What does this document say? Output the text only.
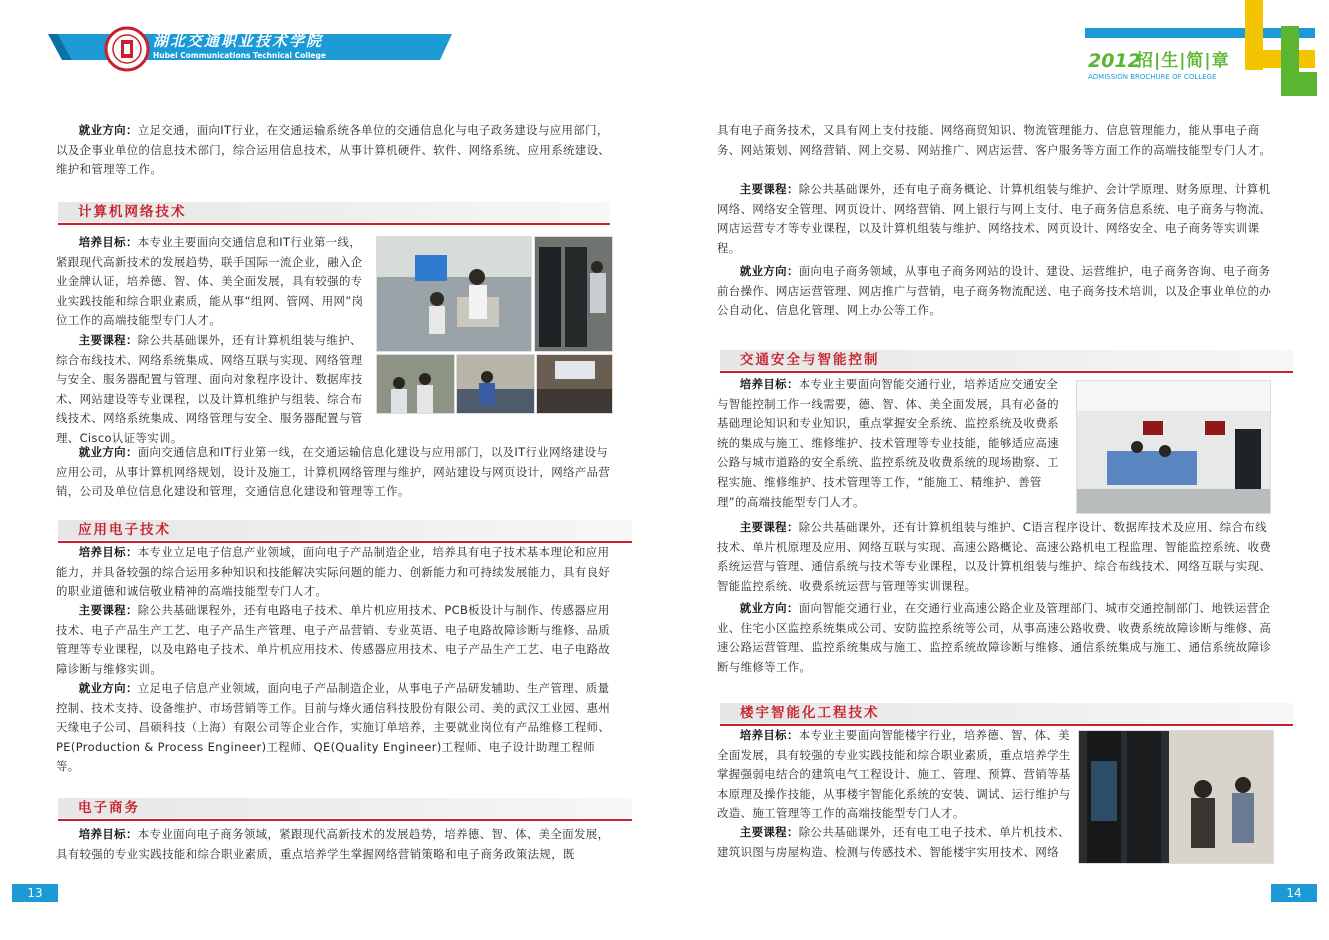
湖北交通职业技术学院
Hubei Communications Technical College	2012
招|生|简|章
ADMISSION BROCHURE OF COLLEGE

就业方向：立足交通，面向IT行业，在交通运输系统各单位的交通信息化与电子政务建设与应用部门，以及企事业单位的信息技术部门，综合运用信息技术，从事计算机硬件、软件、网络系统、应用系统建设、维护和管理等工作。

计算机网络技术

培养目标：本专业主要面向交通信息和IT行业第一线，紧跟现代高新技术的发展趋势，联手国际一流企业，融入企业金牌认证，培养德、智、体、美全面发展，具有较强的专业实践技能和综合职业素质，能从事“组网、管网、用网”岗位工作的高端技能型专门人才。

主要课程：除公共基础课外，还有计算机组装与维护、综合布线技术、网络系统集成、网络互联与实现、网络管理与安全、服务器配置与管理、面向对象程序设计、数据库技术、网站建设等专业课程，以及计算机维护与组装、综合布线技术、网络系统集成、网络管理与安全、服务器配置与管理、Cisco认证等实训。

就业方向：面向交通信息和IT行业第一线，在交通运输信息化建设与应用部门，以及IT行业网络建设与应用公司，从事计算机网络规划，设计及施工，计算机网络管理与维护，网站建设与网页设计，网络产品营销，公司及单位信息化建设和管理，交通信息化建设和管理等工作。

应用电子技术

培养目标：本专业立足电子信息产业领域，面向电子产品制造企业，培养具有电子技术基本理论和应用能力，并具备较强的综合运用多种知识和技能解决实际问题的能力、创新能力和可持续发展能力，具有良好的职业道德和诚信敬业精神的高端技能型专门人才。

主要课程：除公共基础课程外，还有电路电子技术、单片机应用技术、PCB板设计与制作、传感器应用技术、电子产品生产工艺、电子产品生产管理、电子产品营销、专业英语、电子电路故障诊断与维修、品质管理等专业课程，以及电路电子技术、单片机应用技术、传感器应用技术、电子产品生产工艺、电子电路故障诊断与维修实训。

就业方向：立足电子信息产业领域，面向电子产品制造企业，从事电子产品研发辅助、生产管理、质量控制、技术支持、设备维护、市场营销等工作。目前与烽火通信科技股份有限公司、美的武汉工业园、惠州天缘电子公司、昌硕科技（上海）有限公司等企业合作，实施订单培养，主要就业岗位有产品维修工程师、PE(Production & Process Engineer)工程师、QE(Quality Engineer)工程师、电子设计助理工程师等。

电子商务

培养目标：本专业面向电子商务领域，紧跟现代高新技术的发展趋势，培养德、智、体、美全面发展，具有较强的专业实践技能和综合职业素质，重点培养学生掌握网络营销策略和电子商务政策法规，既

13

具有电子商务技术，又具有网上支付技能、网络商贸知识、物流管理能力、信息管理能力，能从事电子商务、网站策划、网络营销、网上交易、网站推广、网店运营、客户服务等方面工作的高端技能型专门人才。

主要课程：除公共基础课外，还有电子商务概论、计算机组装与维护、会计学原理、财务原理、计算机网络、网络安全管理、网页设计、网络营销、网上银行与网上支付、电子商务信息系统、电子商务与物流、网店运营专才等专业课程，以及计算机组装与维护、网络技术、网页设计、网络安全、电子商务等实训课程。

就业方向：面向电子商务领域，从事电子商务网站的设计、建设、运营维护，电子商务咨询、电子商务前台操作、网店运营管理、网店推广与营销，电子商务物流配送、电子商务技术培训，以及企事业单位的办公自动化、信息化管理、网上办公等工作。

交通安全与智能控制

培养目标：本专业主要面向智能交通行业，培养适应交通安全与智能控制工作一线需要，德、智、体、美全面发展，具有必备的基础理论知识和专业知识，重点掌握安全系统、监控系统及收费系统的集成与施工、维修维护、技术管理等专业技能，能够适应高速公路与城市道路的安全系统、监控系统及收费系统的现场勘察、工程实施、维修维护、技术管理等工作，“能施工、精维护、善管理”的高端技能型专门人才。

主要课程：除公共基础课外，还有计算机组装与维护、C语言程序设计、数据库技术及应用、综合布线技术、单片机原理及应用、网络互联与实现、高速公路概论、高速公路机电工程监理、智能监控系统、收费系统运营与管理、通信系统与技术等专业课程，以及计算机组装与维护、综合布线技术、网络互联与实现、智能监控系统、收费系统运营与管理等实训课程。

就业方向：面向智能交通行业，在交通行业高速公路企业及管理部门、城市交通控制部门、地铁运营企业、住宅小区监控系统集成公司、安防监控系统等公司，从事高速公路收费、收费系统故障诊断与维修、高速公路运营管理、监控系统集成与施工、监控系统故障诊断与维修、通信系统集成与施工、通信系统故障诊断与维修等工作。

楼宇智能化工程技术

培养目标：本专业主要面向智能楼宇行业，培养德、智、体、美全面发展，具有较强的专业实践技能和综合职业素质，重点培养学生掌握强弱电结合的建筑电气工程设计、施工、管理、预算、营销等基本原理及操作技能，从事楼宇智能化系统的安装、调试、运行维护与改造、施工管理等工作的高端技能型专门人才。

主要课程：除公共基础课外，还有电工电子技术、单片机技术、建筑识图与房屋构造、检测与传感技术、智能楼宇实用技术、网络

14
